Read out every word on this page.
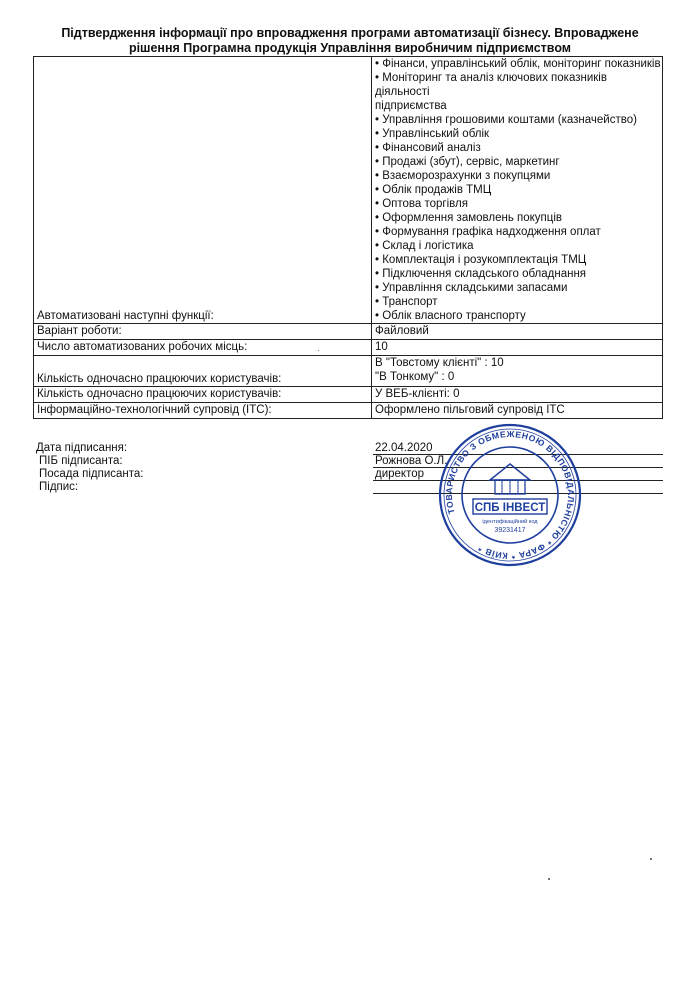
Підтвердження інформації про впровадження програми автоматизації бізнесу. Впроваджене
рішення Програмна продукція Управління виробничим підприємством
Автоматизовані наступні функції:
• Фінанси, управлінський облік, моніторинг показників
• Моніторинг та аналіз ключових показників діяльності
підприємства
• Управління грошовими коштами (казначейство)
• Управлінський облік
• Фінансовий аналіз
• Продажі (збут), сервіс, маркетинг
• Взаєморозрахунки з покупцями
• Облік продажів ТМЦ
• Оптова торгівля
• Оформлення замовлень покупців
• Формування графіка надходження оплат
• Склад і логістика
• Комплектація і розукомплектація ТМЦ
• Підключення складського обладнання
• Управління складськими запасами
• Транспорт
• Облік власного транспорту
Варіант роботи:	Файловий
Число автоматизованих робочих місць:	10
Кількість одночасно працюючих користувачів:
В "Товстому клієнті" : 10
"В Тонкому" : 0
Кількість одночасно працюючих користувачів:	У ВЕБ-клієнті: 0
Інформаційно-технологічний супровід (ІТС):	Оформлено пільговий супровід ІТС
Дата підписання:	22.04.2020
ПІБ підписанта:	Рожнова О.Л.
Посада підписанта:	директор
Підпис:
ТОВАРИСТВО З ОБМЕЖЕНОЮ ВІДПОВІДАЛЬНІСТЮ * ФАРА * КИЇВ *
СПБ ІНВЕСТ
ідентифікаційний код
39231417
